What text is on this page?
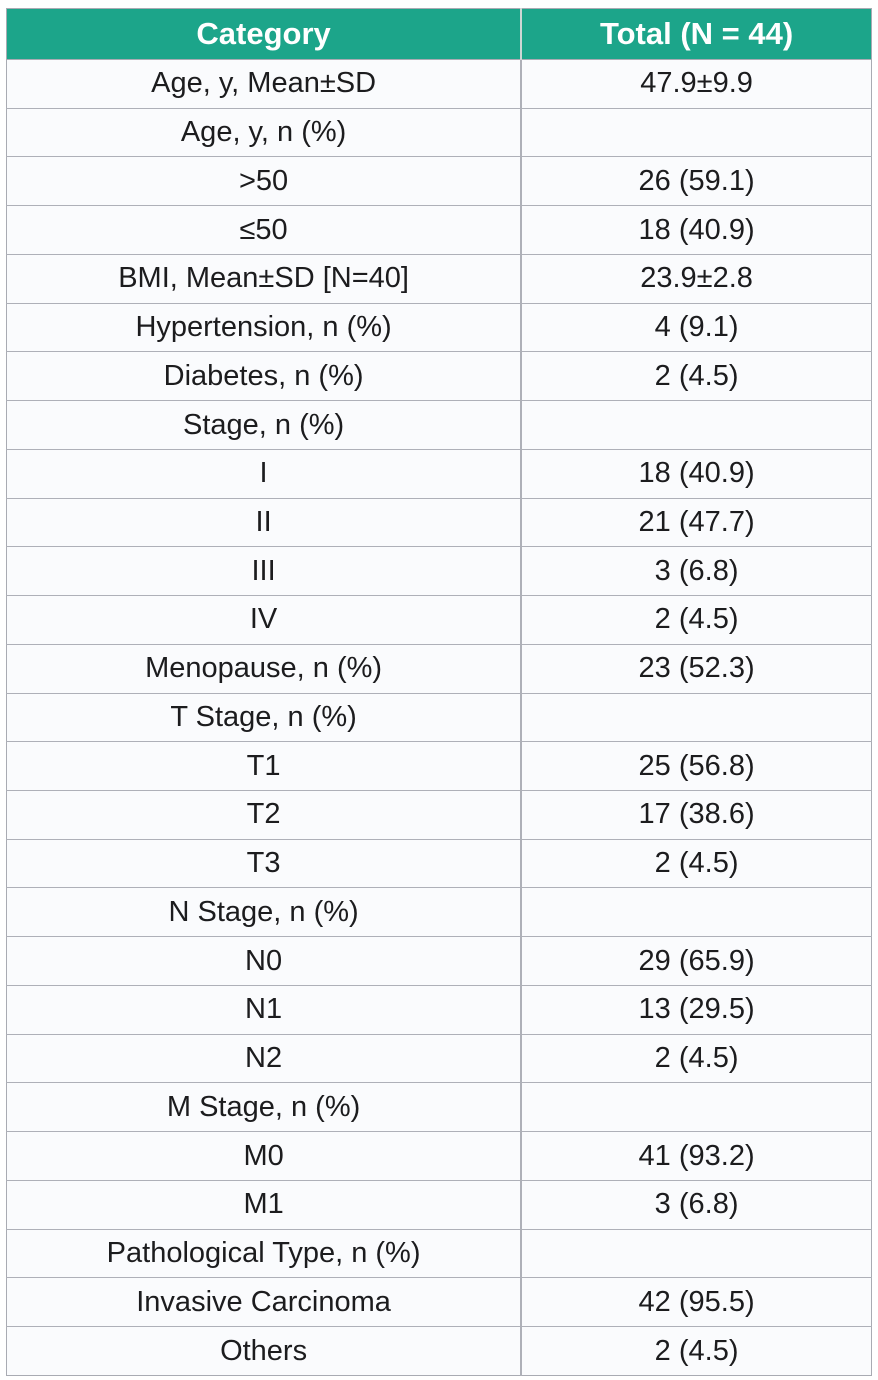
Category	Total (N = 44)
Age, y, Mean±SD	47.9±9.9
Age, y, n (%)	
>50	26 (59.1)
≤50	18 (40.9)
BMI, Mean±SD [N=40]	23.9±2.8
Hypertension, n (%)	4 (9.1)
Diabetes, n (%)	2 (4.5)
Stage, n (%)	
I	18 (40.9)
II	21 (47.7)
III	3 (6.8)
IV	2 (4.5)
Menopause, n (%)	23 (52.3)
T Stage, n (%)	
T1	25 (56.8)
T2	17 (38.6)
T3	2 (4.5)
N Stage, n (%)	
N0	29 (65.9)
N1	13 (29.5)
N2	2 (4.5)
M Stage, n (%)	
M0	41 (93.2)
M1	3 (6.8)
Pathological Type, n (%)	
Invasive Carcinoma	42 (95.5)
Others	2 (4.5)
